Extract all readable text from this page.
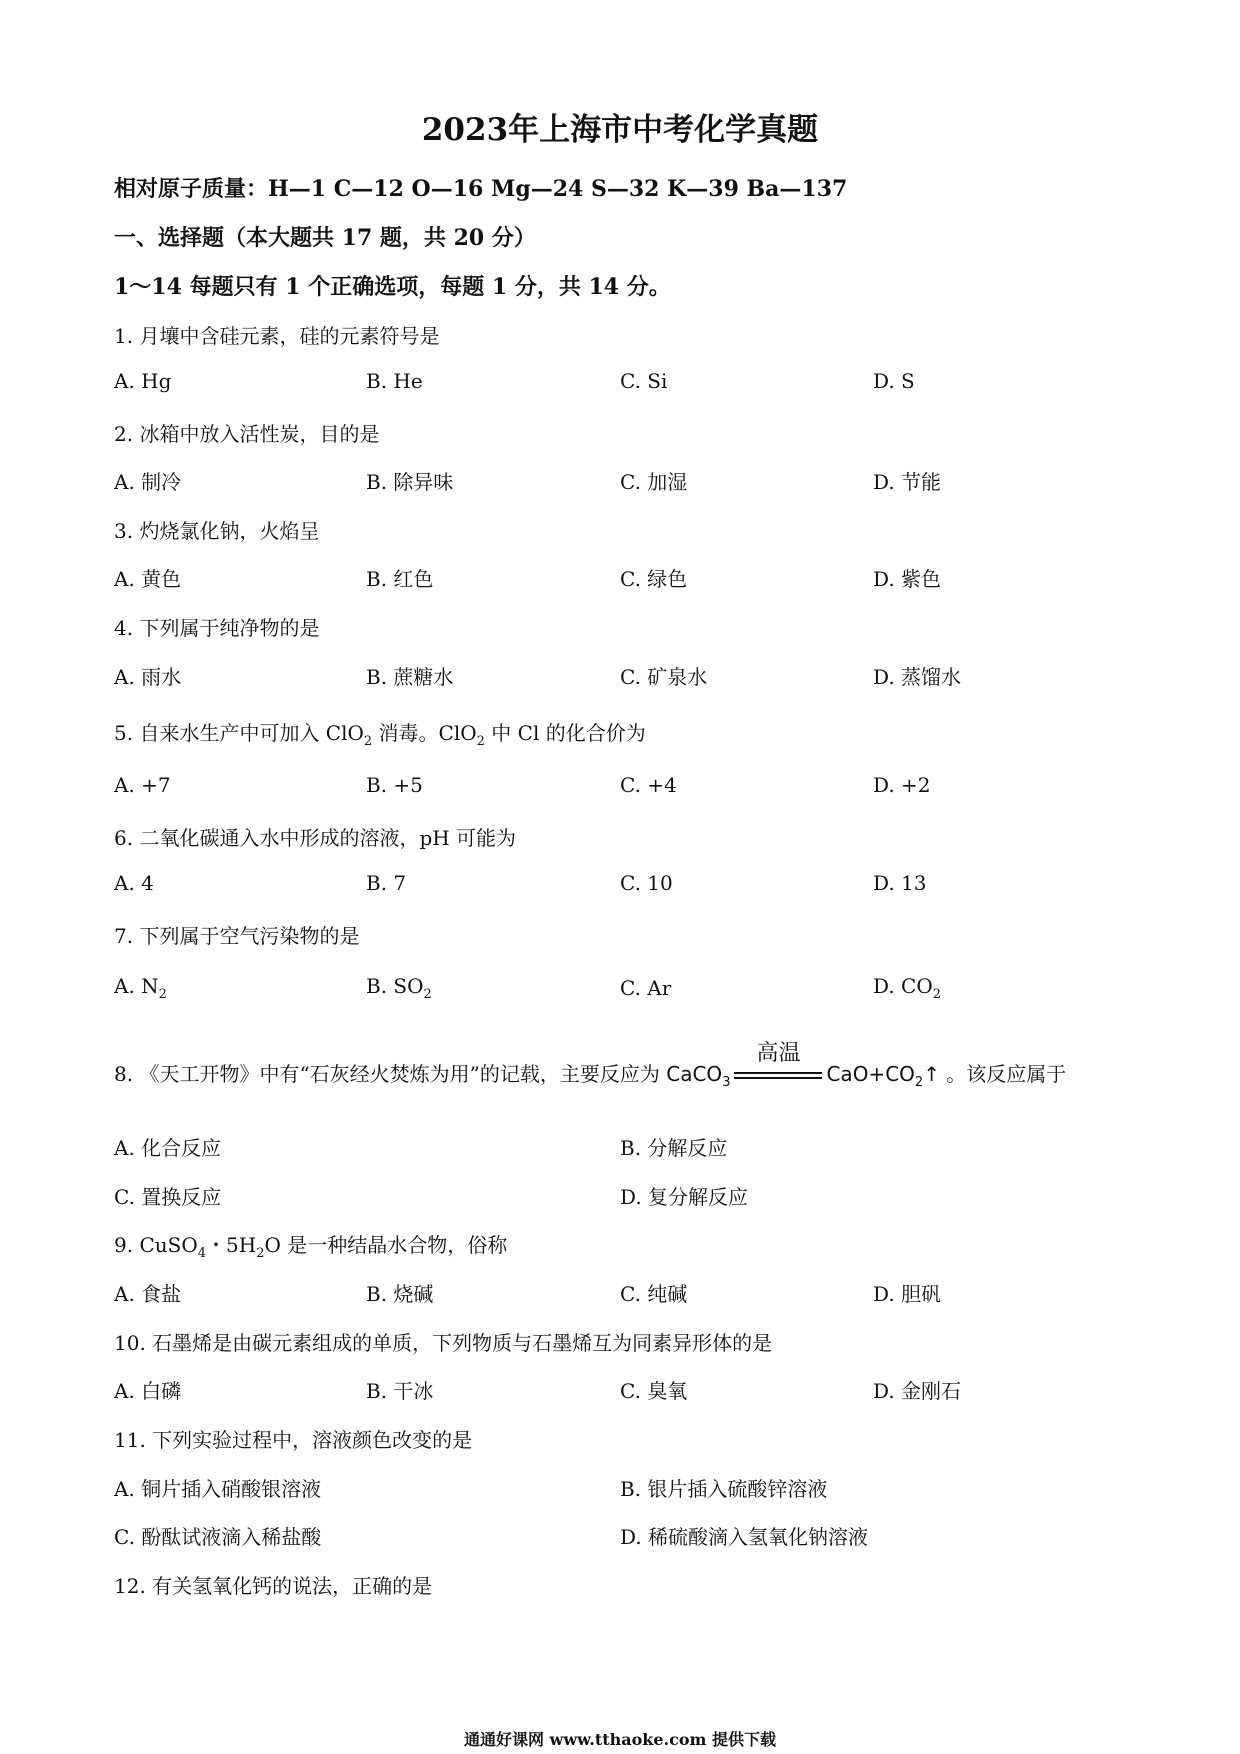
2023年上海市中考化学真题
相对原子质量：H—1 C—12 O—16 Mg—24 S—32 K—39 Ba—137
一、选择题（本大题共 17 题，共 20 分）
1～14 每题只有 1 个正确选项，每题 1 分，共 14 分。
1. 月壤中含硅元素，硅的元素符号是
A. Hg	B. He	C. Si	D. S
2. 冰箱中放入活性炭，目的是
A. 制冷	B. 除异味	C. 加湿	D. 节能
3. 灼烧氯化钠，火焰呈
A. 黄色	B. 红色	C. 绿色	D. 紫色
4. 下列属于纯净物的是
A. 雨水	B. 蔗糖水	C. 矿泉水	D. 蒸馏水
5. 自来水生产中可加入 ClO$_2$ 消毒。ClO$_2$ 中 Cl 的化合价为
A. +7	B. +5	C. +4	D. +2
6. 二氧化碳通入水中形成的溶液，pH 可能为
A. 4	B. 7	C. 10	D. 13
7. 下列属于空气污染物的是
A. $N_2$	B. $SO_2$	C. Ar	D. $CO_2$
8. 《天工开物》中有“石灰经火焚炼为用”的记载，主要反应为 CaCO$_3$
高温
$CaO+CO_2↑$ 。该反应属于
A. 化合反应	B. 分解反应
C. 置换反应	D. 复分解反应
9. CuSO$_4$・$5H_2O$ 是一种结晶水合物，俗称
A. 食盐	B. 烧碱	C. 纯碱	D. 胆矾
10. 石墨烯是由碳元素组成的单质，下列物质与石墨烯互为同素异形体的是
A. 白磷	B. 干冰	C. 臭氧	D. 金刚石
11. 下列实验过程中，溶液颜色改变的是
A. 铜片插入硝酸银溶液	B. 银片插入硫酸锌溶液
C. 酚酞试液滴入稀盐酸	D. 稀硫酸滴入氢氧化钠溶液
12. 有关氢氧化钙的说法，正确的是
通通好课网 www.tthaoke.com 提供下载
